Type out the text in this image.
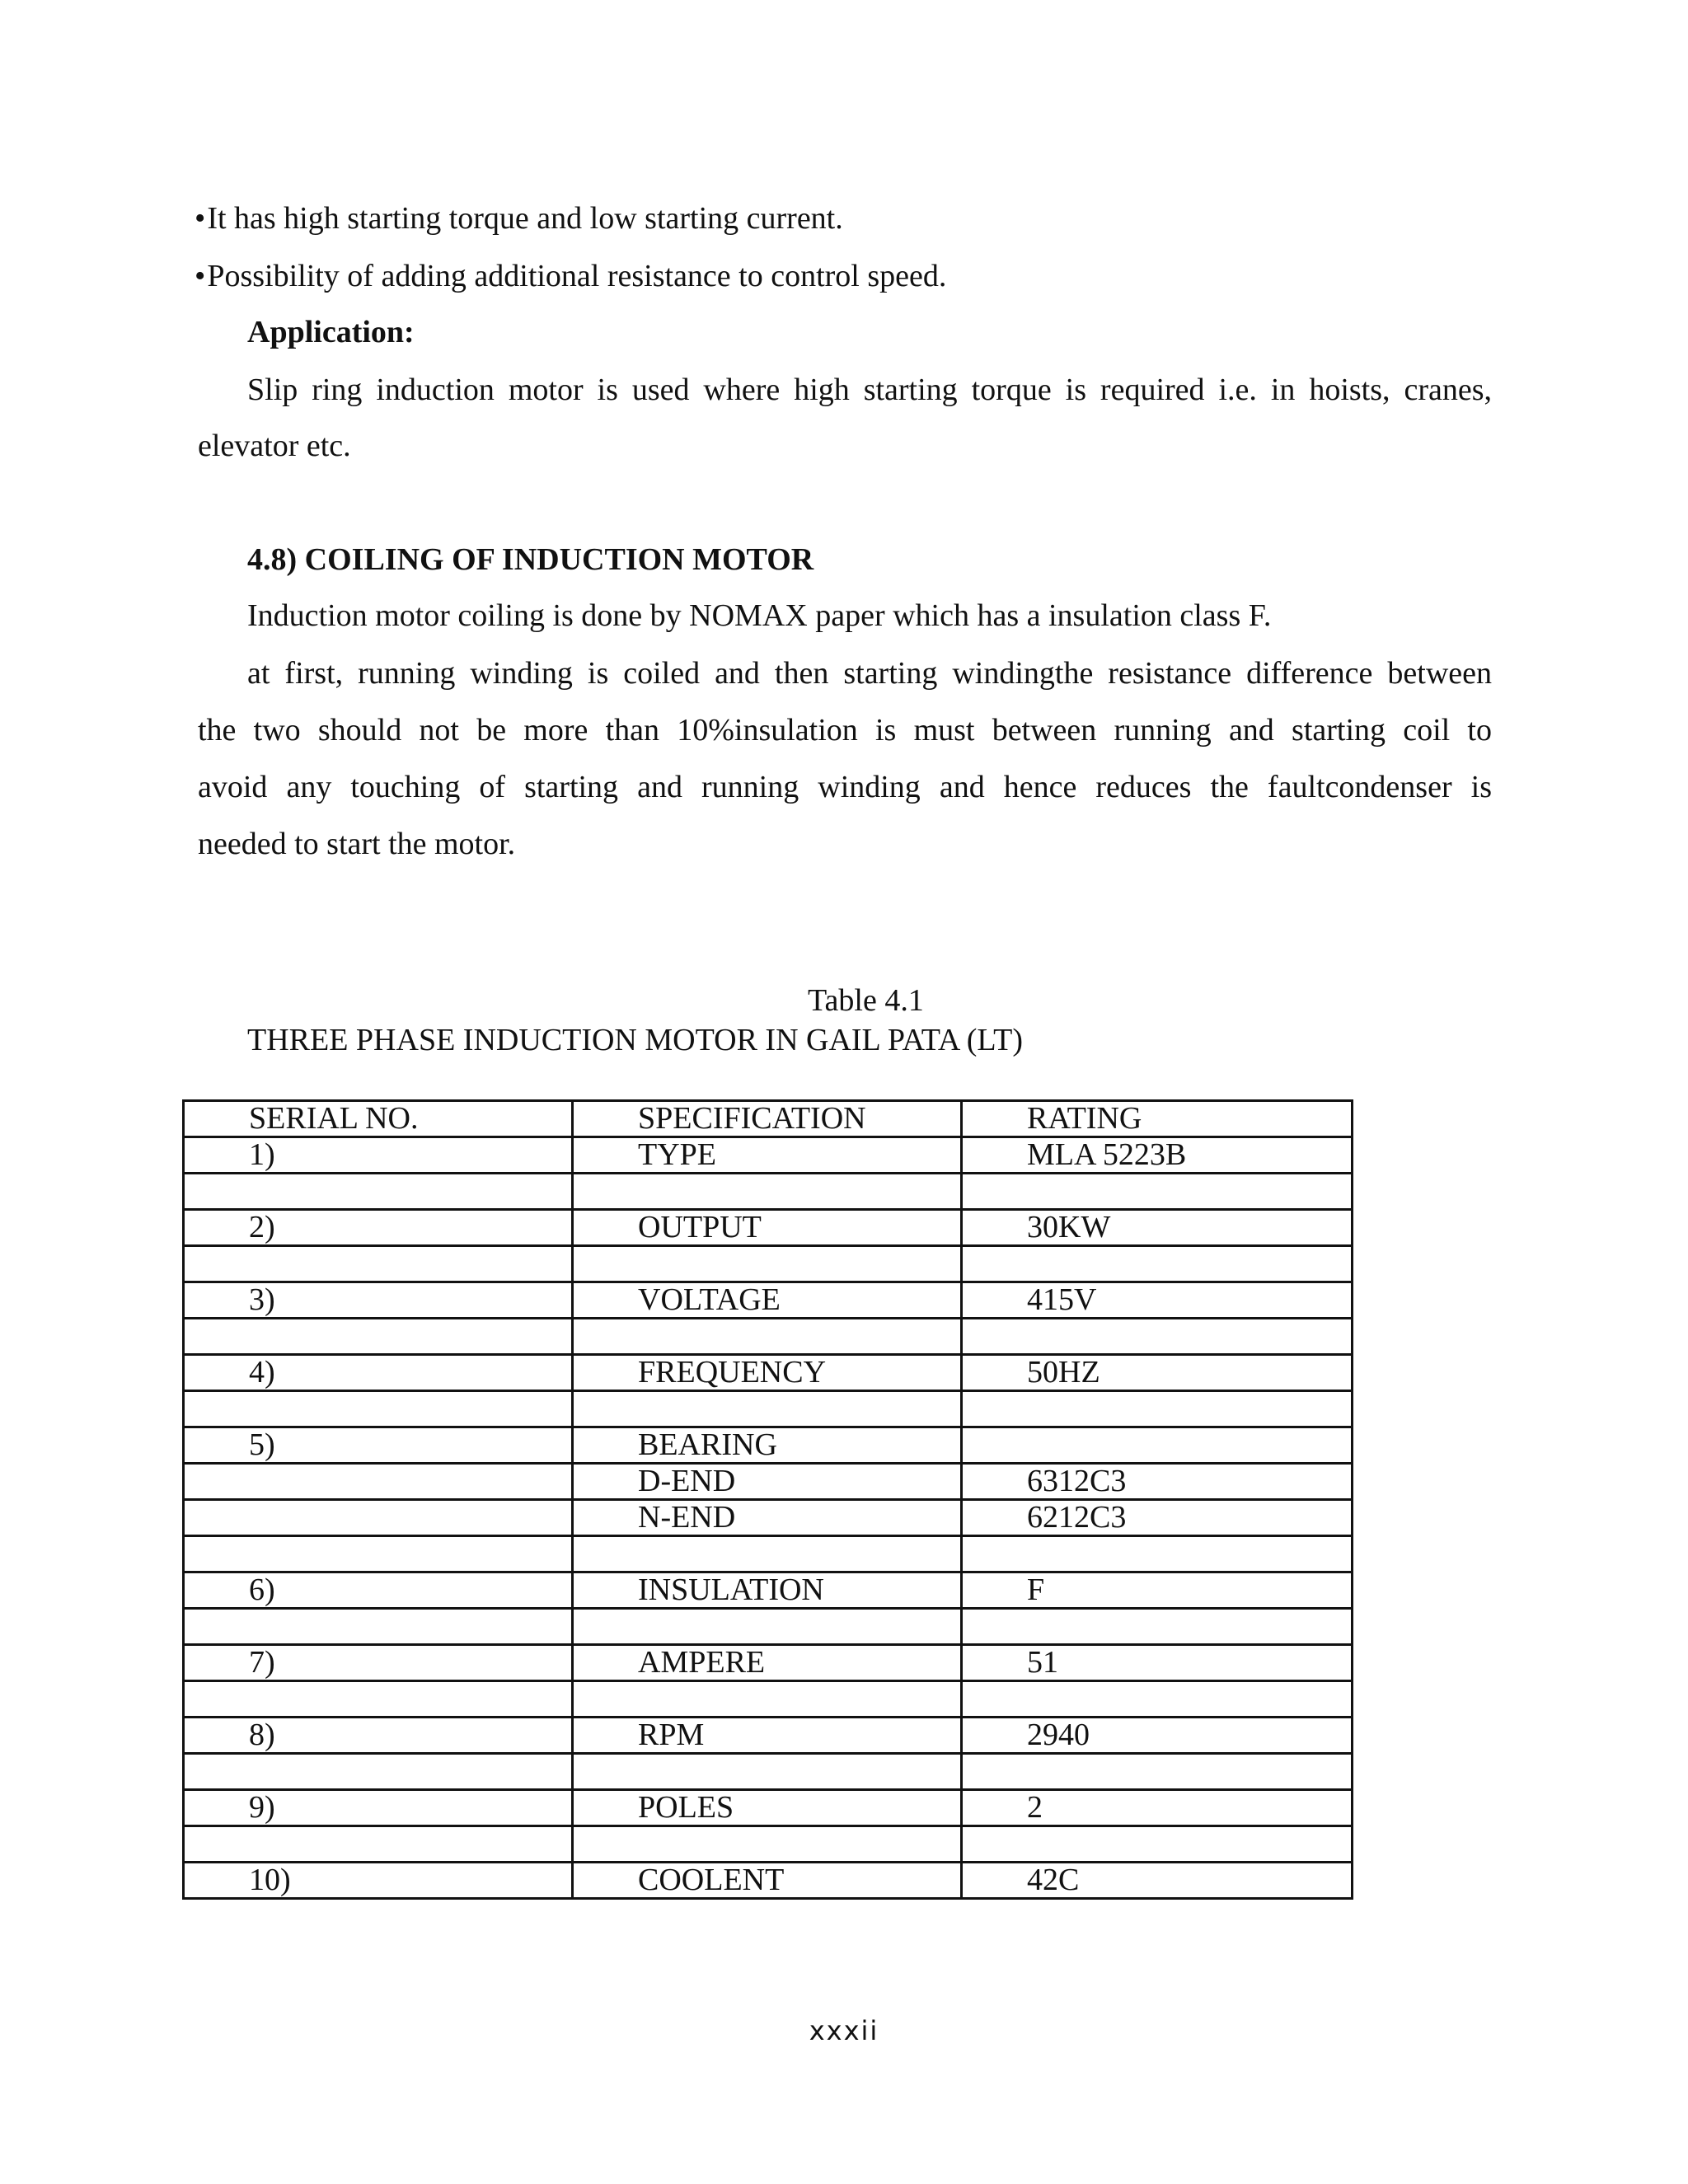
•It has high starting torque and low starting current.
•Possibility of adding additional resistance to control speed.
Application:
Slip ring induction motor is used where high starting torque is required i.e. in hoists, cranes,
elevator etc.
4.8) COILING OF INDUCTION MOTOR
Induction motor coiling is done by NOMAX paper which has a insulation class F.
at first, running winding is coiled and then starting windingthe resistance difference between
the two should not be more than 10%insulation is must between running and starting coil to
avoid any touching of starting and running winding and hence reduces the faultcondenser is
needed to start the motor.
Table 4.1
THREE PHASE INDUCTION MOTOR IN GAIL PATA (LT)
SERIAL NO.	SPECIFICATION	RATING
1)	TYPE	MLA 5223B

2)	OUTPUT	30KW

3)	VOLTAGE	415V

4)	FREQUENCY	50HZ

5)	BEARING	
	D-END	6312C3
	N-END	6212C3

6)	INSULATION	F

7)	AMPERE	51

8)	RPM	2940

9)	POLES	2

10)	COOLENT	42C
xxxii
